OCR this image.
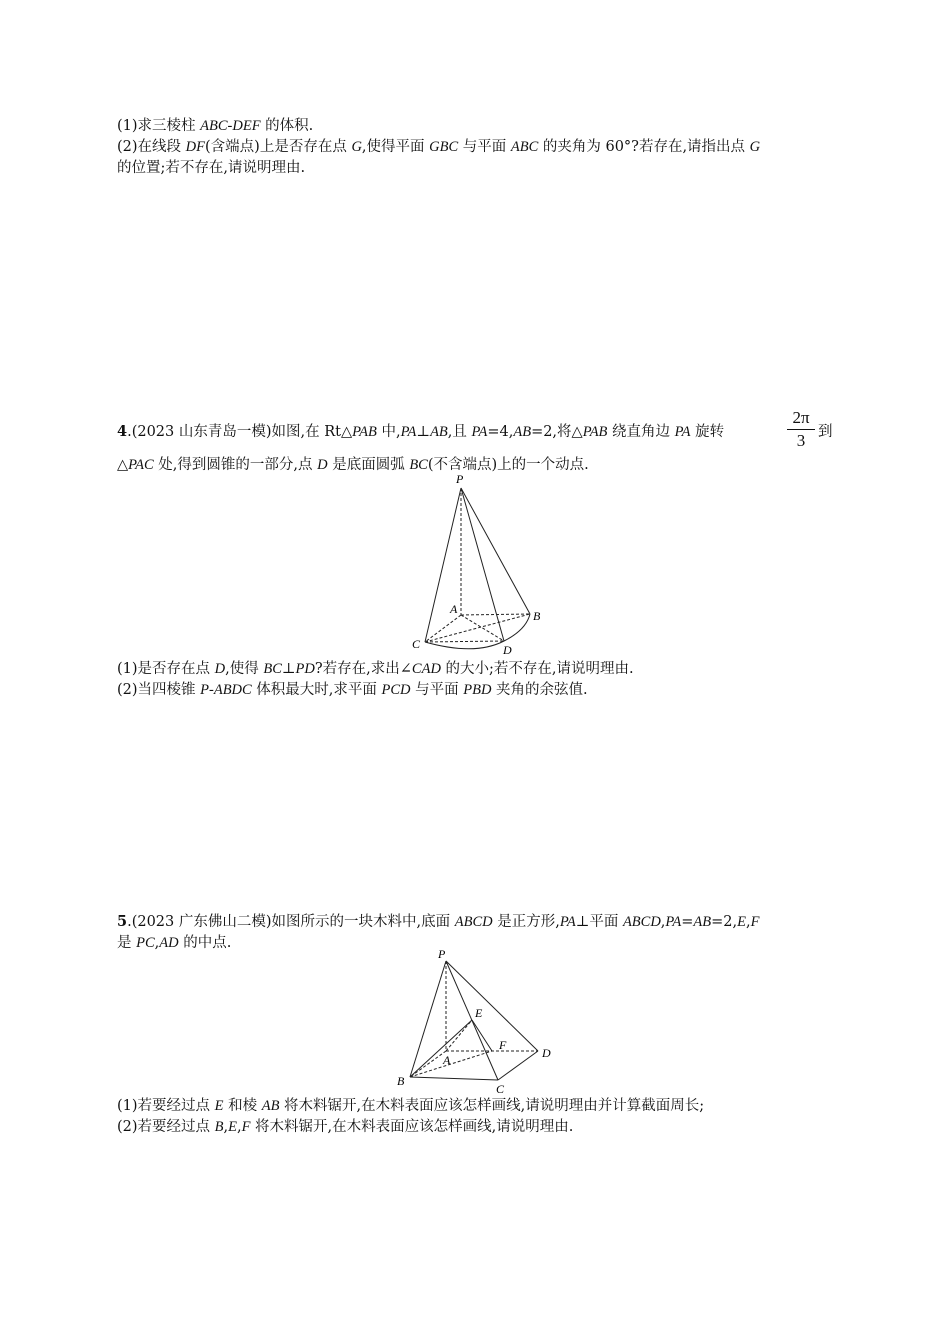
(1)求三棱柱 ABC-DEF 的体积.
(2)在线段 DF(含端点)上是否存在点 G,使得平面 GBC 与平面 ABC 的夹角为 60°?若存在,请指出点 G
的位置;若不存在,请说明理由.
4.(2023 山东青岛一模)如图,在 Rt△PAB 中,PA⊥AB,且 PA=4,AB=2,将△PAB 绕直角边 PA 旋转
2π
3 到
△PAC 处,得到圆锥的一部分,点 D 是底面圆弧 BC(不含端点)上的一个动点.
P
A	B
C	D
(1)是否存在点 D,使得 BC⊥PD?若存在,求出∠CAD 的大小;若不存在,请说明理由.
(2)当四棱锥 P-ABDC 体积最大时,求平面 PCD 与平面 PBD 夹角的余弦值.
5.(2023 广东佛山二模)如图所示的一块木料中,底面 ABCD 是正方形,PA⊥平面 ABCD,PA=AB=2,E,F
是 PC,AD 的中点.
P
E
A
F
D
B
C
(1)若要经过点 E 和棱 AB 将木料锯开,在木料表面应该怎样画线,请说明理由并计算截面周长;
(2)若要经过点 B,E,F 将木料锯开,在木料表面应该怎样画线,请说明理由.
